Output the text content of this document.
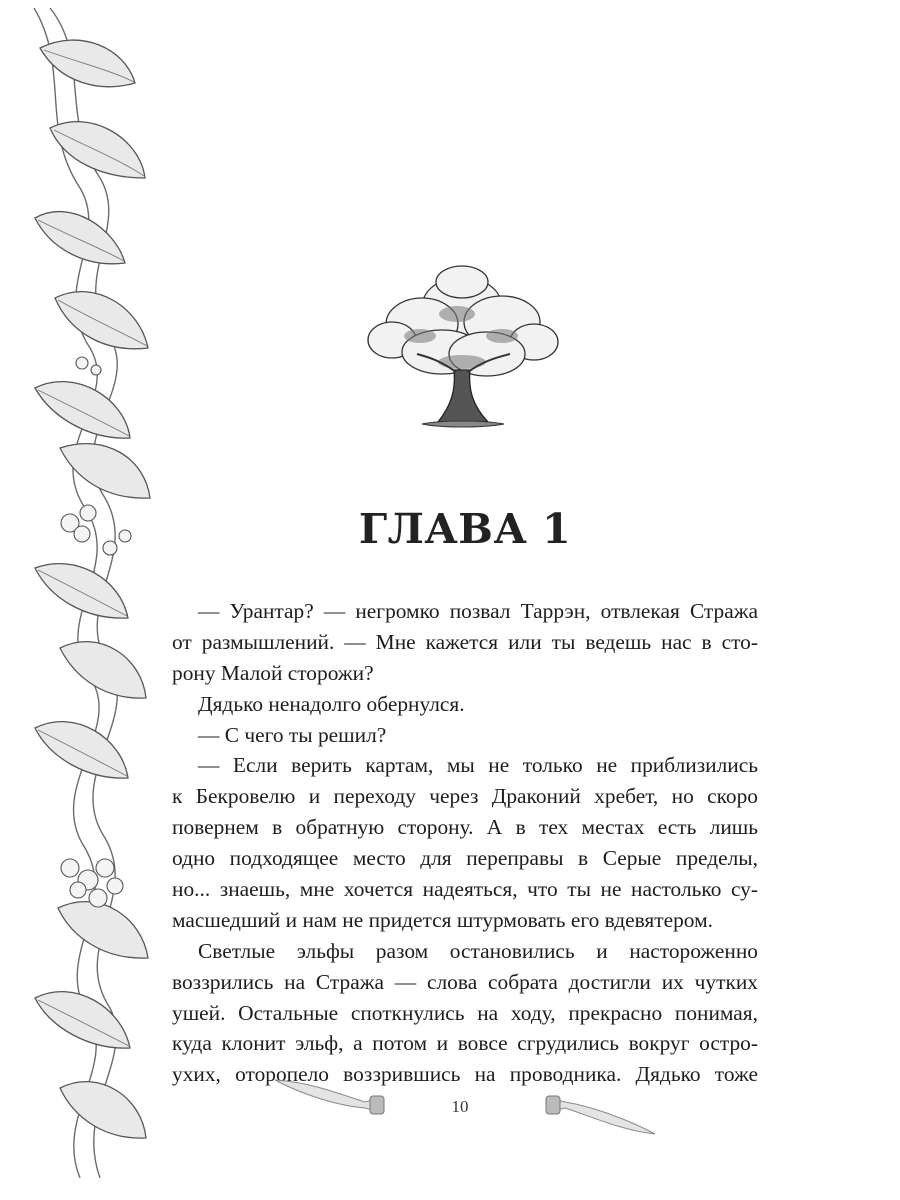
ГЛАВА 1
— Урантар? — негромко позвал Таррэн, отвлекая Стража
от размышлений. — Мне кажется или ты ведешь нас в сто-
рону Малой сторожи?
Дядько ненадолго обернулся.
— С чего ты решил?
— Если верить картам, мы не только не приблизились
к Бекровелю и переходу через Драконий хребет, но скоро
повернем в обратную сторону. А в тех местах есть лишь
одно подходящее место для переправы в Серые пределы,
но... знаешь, мне хочется надеяться, что ты не настолько су-
масшедший и нам не придется штурмовать его вдевятером.
Светлые эльфы разом остановились и настороженно
воззрились на Стража — слова собрата достигли их чутких
ушей. Остальные споткнулись на ходу, прекрасно понимая,
куда клонит эльф, а потом и вовсе сгрудились вокруг остро-
ухих, оторопело воззрившись на проводника. Дядько тоже
10
